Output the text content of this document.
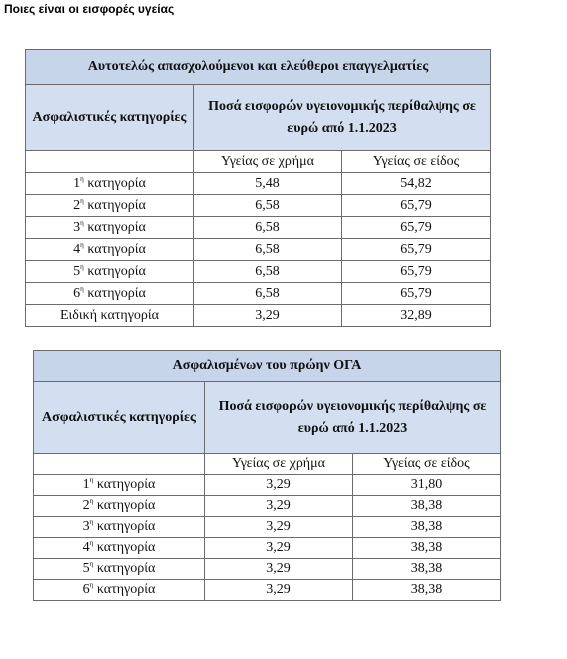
Ποιες είναι οι εισφορές υγείας
Αυτοτελώς απασχολούμενοι και ελεύθεροι επαγγελματίες		
Ασφαλιστικές κατηγορίες	Ποσά εισφορών υγειονομικής περίθαλψης σε ευρώ από 1.1.2023	
	Υγείας σε χρήμα	Υγείας σε είδος
$1^\eta$ κατηγορία	5,48	54,82
$2^\eta$ κατηγορία	6,58	65,79
$3^\eta$ κατηγορία	6,58	65,79
$4^\eta$ κατηγορία	6,58	65,79
$5^\eta$ κατηγορία	6,58	65,79
$6^\eta$ κατηγορία	6,58	65,79
Ειδική κατηγορία	3,29	32,89
Ασφαλισμένων του πρώην ΟΓΑ		
Ασφαλιστικές κατηγορίες	Ποσά εισφορών υγειονομικής περίθαλψης σε ευρώ από 1.1.2023	
	Υγείας σε χρήμα	Υγείας σε είδος
$1^\eta$ κατηγορία	3,29	31,80
$2^\eta$ κατηγορία	3,29	38,38
$3^\eta$ κατηγορία	3,29	38,38
$4^\eta$ κατηγορία	3,29	38,38
$5^\eta$ κατηγορία	3,29	38,38
$6^\eta$ κατηγορία	3,29	38,38
